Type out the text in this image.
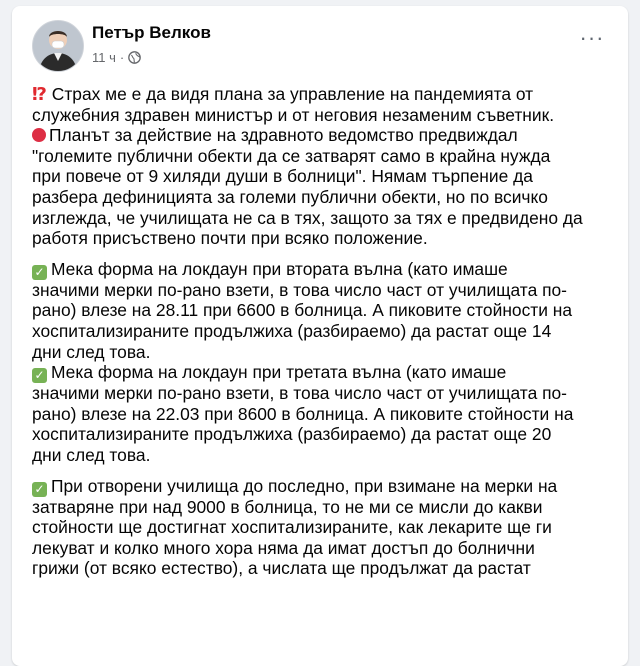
Петър Велков
11 ч ·
···
⁉ Страх ме е да видя плана за управление на пандемията от
служебния здравен министър и от неговия незаменим съветник.
Планът за действие на здравното ведомство предвиждал
"големите публични обекти да се затварят само в крайна нужда
при повече от 9 хиляди души в болници". Нямам търпение да
разбера дефиницията за големи публични обекти, но по всичко
изглежда, че училищата не са в тях, защото за тях е предвидено да
работя присъствено почти при всяко положение.
✓ Мека форма на локдаун при втората вълна (като имаше
значими мерки по-рано взети, в това число част от училищата по-
рано) влезе на 28.11 при 6600 в болница. А пиковите стойности на
хоспитализираните продължиха (разбираемо) да растат още 14
дни след това.
✓ Мека форма на локдаун при третата вълна (като имаше
значими мерки по-рано взети, в това число част от училищата по-
рано) влезе на 22.03 при 8600 в болница. А пиковите стойности на
хоспитализираните продължиха (разбираемо) да растат още 20
дни след това.
✓ При отворени училища до последно, при взимане на мерки на
затваряне при над 9000 в болница, то не ми се мисли до какви
стойности ще достигнат хоспитализираните, как лекарите ще ги
лекуват и колко много хора няма да имат достъп до болнични
грижи (от всяко естество), а числата ще продължат да растат
